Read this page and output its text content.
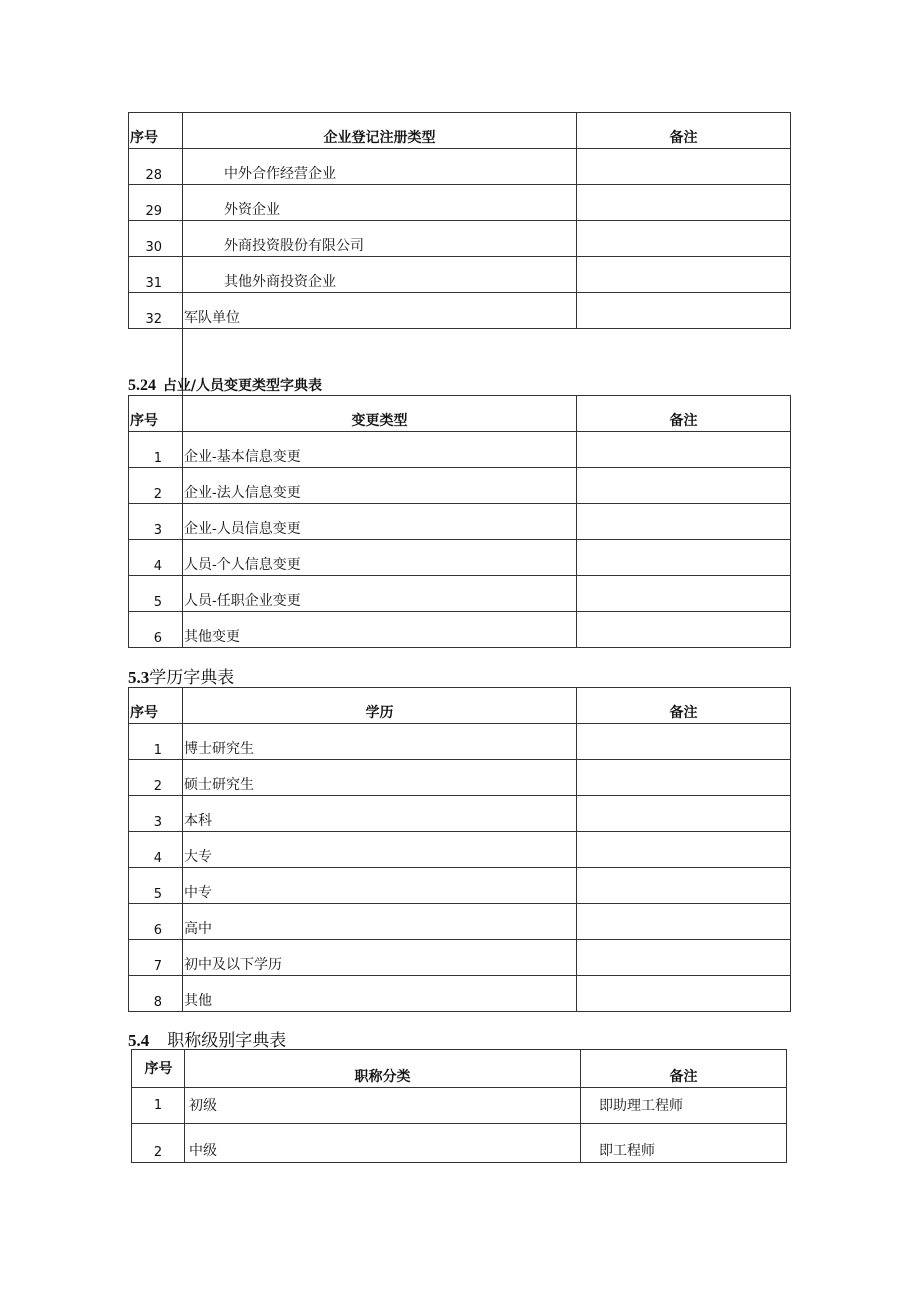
序号	企业登记注册类型	备注
28	中外合作经营企业	
29	外资企业	
30	外商投资股份有限公司	
31	其他外商投资企业	
32	军队单位	
5.24 占业/人员变更类型字典表
序号	变更类型	备注
1	企业-基本信息变更	
2	企业-法人信息变更	
3	企业-人员信息变更	
4	人员-个人信息变更	
5	人员-任职企业变更	
6	其他变更	
5.3学历字典表
序号	学历	备注
1	博士研究生	
2	硕士研究生	
3	本科	
4	大专	
5	中专	
6	高中	
7	初中及以下学历	
8	其他	
5.4 职称级别字典表
序号	职称分类	备注
1	初级	即助理工程师
2	中级	即工程师
